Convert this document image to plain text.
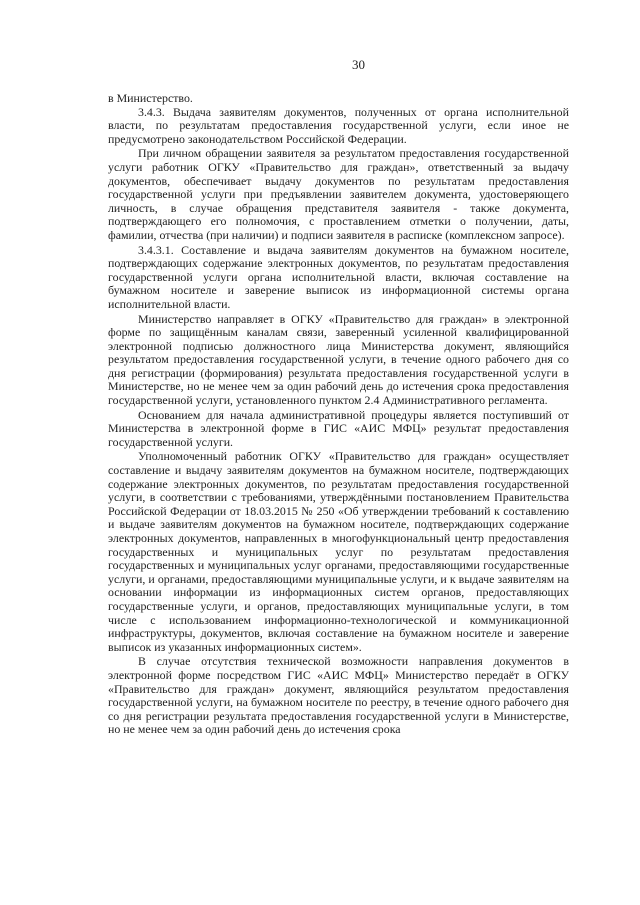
30

в Министерство.

3.4.3. Выдача заявителям документов, полученных от органа исполнительной власти, по результатам предоставления государственной услуги, если иное не предусмотрено законодательством Российской Федерации.

При личном обращении заявителя за результатом предоставления государственной услуги работник ОГКУ «Правительство для граждан», ответственный за выдачу документов, обеспечивает выдачу документов по результатам предоставления государственной услуги при предъявлении заявителем документа, удостоверяющего личность, в случае обращения представителя заявителя - также документа, подтверждающего его полномочия, с проставлением отметки о получении, даты, фамилии, отчества (при наличии) и подписи заявителя в расписке (комплексном запросе).

3.4.3.1. Составление и выдача заявителям документов на бумажном носителе, подтверждающих содержание электронных документов, по результатам предоставления государственной услуги органа исполнительной власти, включая составление на бумажном носителе и заверение выписок из информационной системы органа исполнительной власти.

Министерство направляет в ОГКУ «Правительство для граждан» в электронной форме по защищённым каналам связи, заверенный усиленной квалифицированной электронной подписью должностного лица Министерства документ, являющийся результатом предоставления государственной услуги, в течение одного рабочего дня со дня регистрации (формирования) результата предоставления государственной услуги в Министерстве, но не менее чем за один рабочий день до истечения срока предоставления государственной услуги, установленного пунктом 2.4 Административного регламента.

Основанием для начала административной процедуры является поступивший от Министерства в электронной форме в ГИС «АИС МФЦ» результат предоставления государственной услуги.

Уполномоченный работник ОГКУ «Правительство для граждан» осуществляет составление и выдачу заявителям документов на бумажном носителе, подтверждающих содержание электронных документов, по результатам предоставления государственной услуги, в соответствии с требованиями, утверждёнными постановлением Правительства Российской Федерации от 18.03.2015 № 250 «Об утверждении требований к составлению и выдаче заявителям документов на бумажном носителе, подтверждающих содержание электронных документов, направленных в многофункциональный центр предоставления государственных и муниципальных услуг по результатам предоставления государственных и муниципальных услуг органами, предоставляющими государственные услуги, и органами, предоставляющими муниципальные услуги, и к выдаче заявителям на основании информации из информационных систем органов, предоставляющих государственные услуги, и органов, предоставляющих муниципальные услуги, в том числе с использованием информационно-технологической и коммуникационной инфраструктуры, документов, включая составление на бумажном носителе и заверение выписок из указанных информационных систем».

В случае отсутствия технической возможности направления документов в электронной форме посредством ГИС «АИС МФЦ» Министерство передаёт в ОГКУ «Правительство для граждан» документ, являющийся результатом предоставления государственной услуги, на бумажном носителе по реестру, в течение одного рабочего дня со дня регистрации результата предоставления государственной услуги в Министерстве, но не менее чем за один рабочий день до истечения срока
